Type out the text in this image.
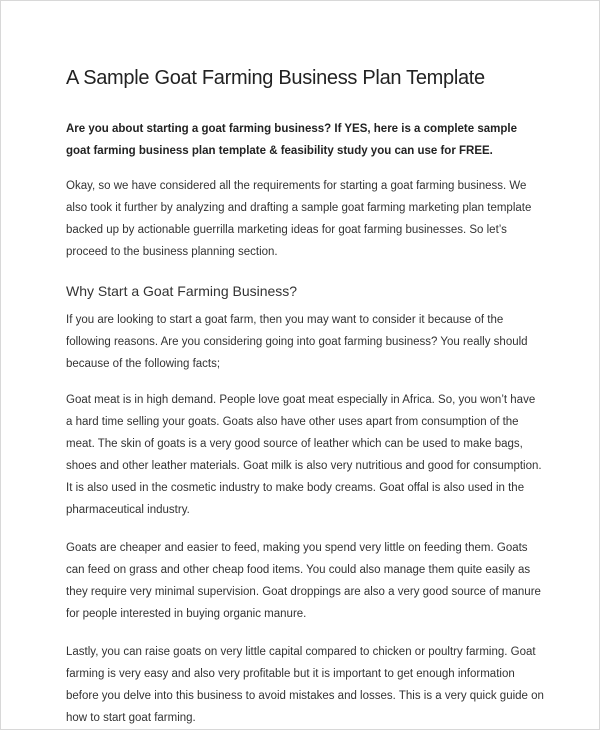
A Sample Goat Farming Business Plan Template

Are you about starting a goat farming business? If YES, here is a complete sample goat farming business plan template & feasibility study you can use for FREE.

Okay, so we have considered all the requirements for starting a goat farming business. We also took it further by analyzing and drafting a sample goat farming marketing plan template backed up by actionable guerrilla marketing ideas for goat farming businesses. So let’s proceed to the business planning section.

Why Start a Goat Farming Business?

If you are looking to start a goat farm, then you may want to consider it because of the following reasons. Are you considering going into goat farming business? You really should because of the following facts;

Goat meat is in high demand. People love goat meat especially in Africa. So, you won’t have a hard time selling your goats. Goats also have other uses apart from consumption of the meat. The skin of goats is a very good source of leather which can be used to make bags, shoes and other leather materials. Goat milk is also very nutritious and good for consumption. It is also used in the cosmetic industry to make body creams. Goat offal is also used in the pharmaceutical industry.

Goats are cheaper and easier to feed, making you spend very little on feeding them. Goats can feed on grass and other cheap food items. You could also manage them quite easily as they require very minimal supervision. Goat droppings are also a very good source of manure for people interested in buying organic manure.

Lastly, you can raise goats on very little capital compared to chicken or poultry farming. Goat farming is very easy and also very profitable but it is important to get enough information before you delve into this business to avoid mistakes and losses. This is a very quick guide on how to start goat farming.
